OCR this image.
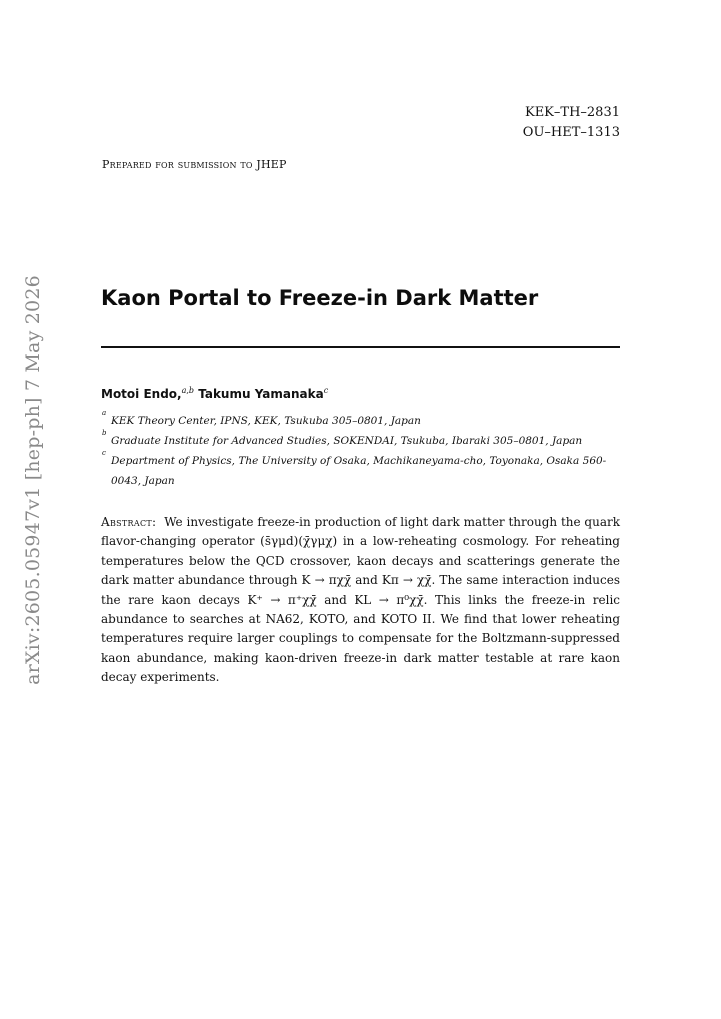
arXiv:2605.05947v1 [hep-ph] 7 May 2026
KEK–TH–2831
OU–HET–1313
Prepared for submission to JHEP
Kaon Portal to Freeze-in Dark Matter
Motoi Endo,$^{a,b}$ Takumu Yamanaka$^c$
a
KEK Theory Center, IPNS, KEK, Tsukuba 305–0801, Japan
b
Graduate Institute for Advanced Studies, SOKENDAI, Tsukuba, Ibaraki 305–0801, Japan
c
Department of Physics, The University of Osaka, Machikaneyama-cho, Toyonaka, Osaka 560-0043, Japan
Abstract: We investigate freeze-in production of light dark matter through the quark flavor-changing operator (s̄γμd)(χ̄γμχ) in a low-reheating cosmology. For reheating temperatures below the QCD crossover, kaon decays and scatterings generate the dark matter abundance through K → πχχ̄ and Kπ → χχ̄. The same interaction induces the rare kaon decays K⁺ → π⁺χχ̄ and KL → π⁰χχ̄. This links the freeze-in relic abundance to searches at NA62, KOTO, and KOTO II. We find that lower reheating temperatures require larger couplings to compensate for the Boltzmann-suppressed kaon abundance, making kaon-driven freeze-in dark matter testable at rare kaon decay experiments.
